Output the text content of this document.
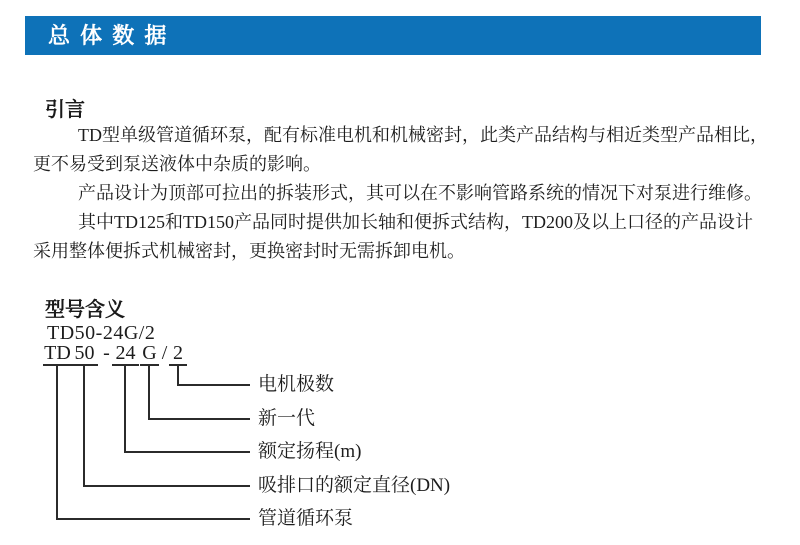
总 体 数 据
引言
TD型单级管道循环泵，配有标准电机和机械密封，此类产品结构与相近类型产品相比，
更不易受到泵送液体中杂质的影响。
产品设计为顶部可拉出的拆装形式，其可以在不影响管路系统的情况下对泵进行维修。
其中TD125和TD150产品同时提供加长轴和便拆式结构，TD200及以上口径的产品设计
采用整体便拆式机械密封，更换密封时无需拆卸电机。
型号含义
TD50-24G/2
TD 50 - 24 G / 2
电机极数
新一代
额定扬程(m)
吸排口的额定直径(DN)
管道循环泵
